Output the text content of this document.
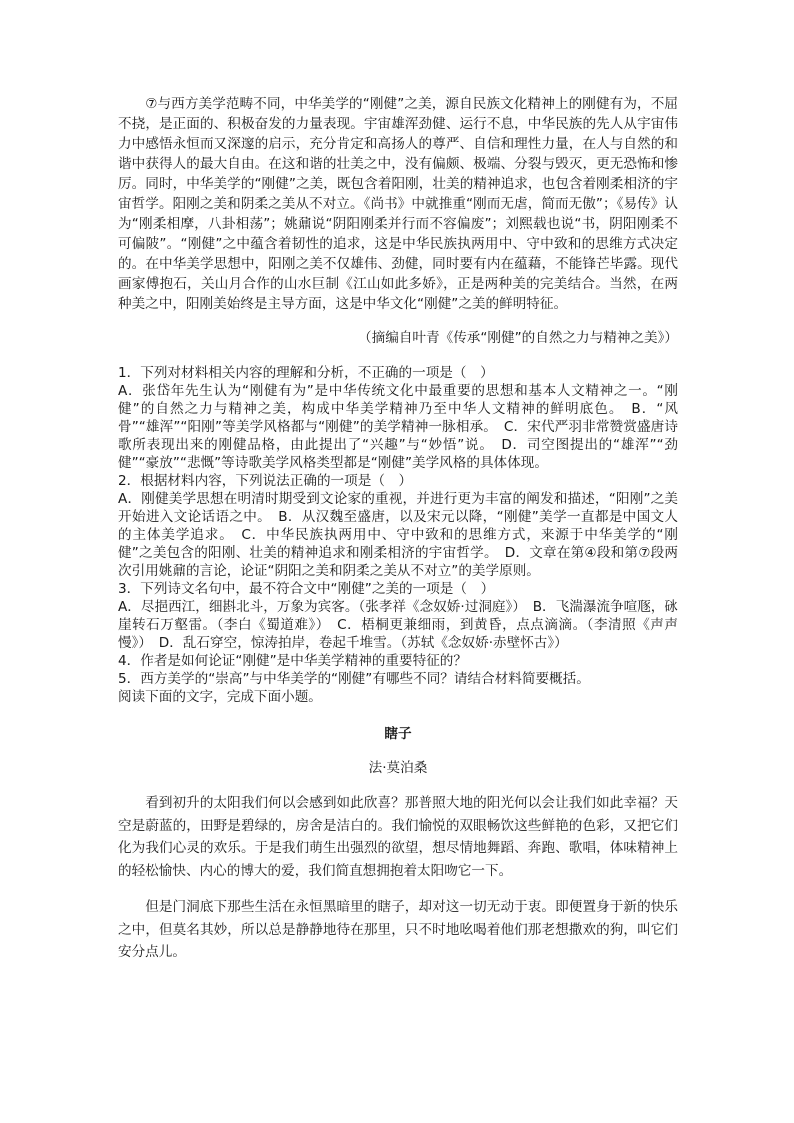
⑦与西方美学范畴不同，中华美学的“刚健”之美，源自民族文化精神上的刚健有为，不屈不挠，是正面的、积极奋发的力量表现。宇宙雄浑劲健、运行不息，中华民族的先人从宇宙伟力中感悟永恒而又深邃的启示，充分肯定和高扬人的尊严、自信和理性力量，在人与自然的和谐中获得人的最大自由。在这和谐的壮美之中，没有偏颇、极端、分裂与毁灭，更无恐怖和惨厉。同时，中华美学的“刚健”之美，既包含着阳刚，壮美的精神追求，也包含着刚柔相济的宇宙哲学。阳刚之美和阴柔之美从不对立。《尚书》中就推重“刚而无虐，简而无傲”；《易传》认为“刚柔相摩，八卦相荡”；姚鼐说“阴阳刚柔并行而不容偏废”；刘熙载也说“书，阴阳刚柔不可偏陂”。“刚健”之中蕴含着韧性的追求，这是中华民族执两用中、守中致和的思维方式决定的。在中华美学思想中，阳刚之美不仅雄伟、劲健，同时要有内在蕴藉，不能锋芒毕露。现代画家傅抱石，关山月合作的山水巨制《江山如此多娇》，正是两种美的完美结合。当然，在两种美之中，阳刚美始终是主导方面，这是中华文化“刚健”之美的鲜明特征。

（摘编自叶青《传承“刚健”的自然之力与精神之美》）

1．下列对材料相关内容的理解和分析，不正确的一项是（　）

A．张岱年先生认为“刚健有为”是中华传统文化中最重要的思想和基本人文精神之一。“刚健”的自然之力与精神之美，构成中华美学精神乃至中华人文精神的鲜明底色。　B．“风骨”“雄浑”“阳刚”等美学风格都与“刚健”的美学精神一脉相承。　C．宋代严羽非常赞赏盛唐诗歌所表现出来的刚健品格，由此提出了“兴趣”与“妙悟”说。　D．司空图提出的“雄浑”“劲健”“豪放”“悲慨”等诗歌美学风格类型都是“刚健”美学风格的具体体现。

2．根据材料内容，下列说法正确的一项是（　）

A．刚健美学思想在明清时期受到文论家的重视，并进行更为丰富的阐发和描述，“阳刚”之美开始进入文论话语之中。　B．从汉魏至盛唐，以及宋元以降，“刚健”美学一直都是中国文人的主体美学追求。　C．中华民族执两用中、守中致和的思维方式，来源于中华美学的“刚健”之美包含的阳刚、壮美的精神追求和刚柔相济的宇宙哲学。　D．文章在第④段和第⑦段两次引用姚鼐的言论，论证“阴阳之美和阴柔之美从不对立”的美学原则。

3．下列诗文名句中，最不符合文中“刚健”之美的一项是（　）

A．尽挹西江，细斟北斗，万象为宾客。（张孝祥《念奴娇·过洞庭》）　B．飞湍瀑流争喧豗，砯崖转石万壑雷。（李白《蜀道难》）　C．梧桐更兼细雨，到黄昏，点点滴滴。（李清照《声声慢》）　D．乱石穿空，惊涛拍岸，卷起千堆雪。（苏轼《念奴娇·赤壁怀古》）

4．作者是如何论证“刚健”是中华美学精神的重要特征的？

5．西方美学的“崇高”与中华美学的“刚健”有哪些不同？请结合材料简要概括。

阅读下面的文字，完成下面小题。

瞎子

法·莫泊桑

看到初升的太阳我们何以会感到如此欣喜？那普照大地的阳光何以会让我们如此幸福？天空是蔚蓝的，田野是碧绿的，房舍是洁白的。我们愉悦的双眼畅饮这些鲜艳的色彩，又把它们化为我们心灵的欢乐。于是我们萌生出强烈的欲望，想尽情地舞蹈、奔跑、歌唱，体味精神上的轻松愉快、内心的博大的爱，我们简直想拥抱着太阳吻它一下。

但是门洞底下那些生活在永恒黑暗里的瞎子，却对这一切无动于衷。即便置身于新的快乐之中，但莫名其妙，所以总是静静地待在那里，只不时地吆喝着他们那老想撒欢的狗，叫它们安分点儿。
